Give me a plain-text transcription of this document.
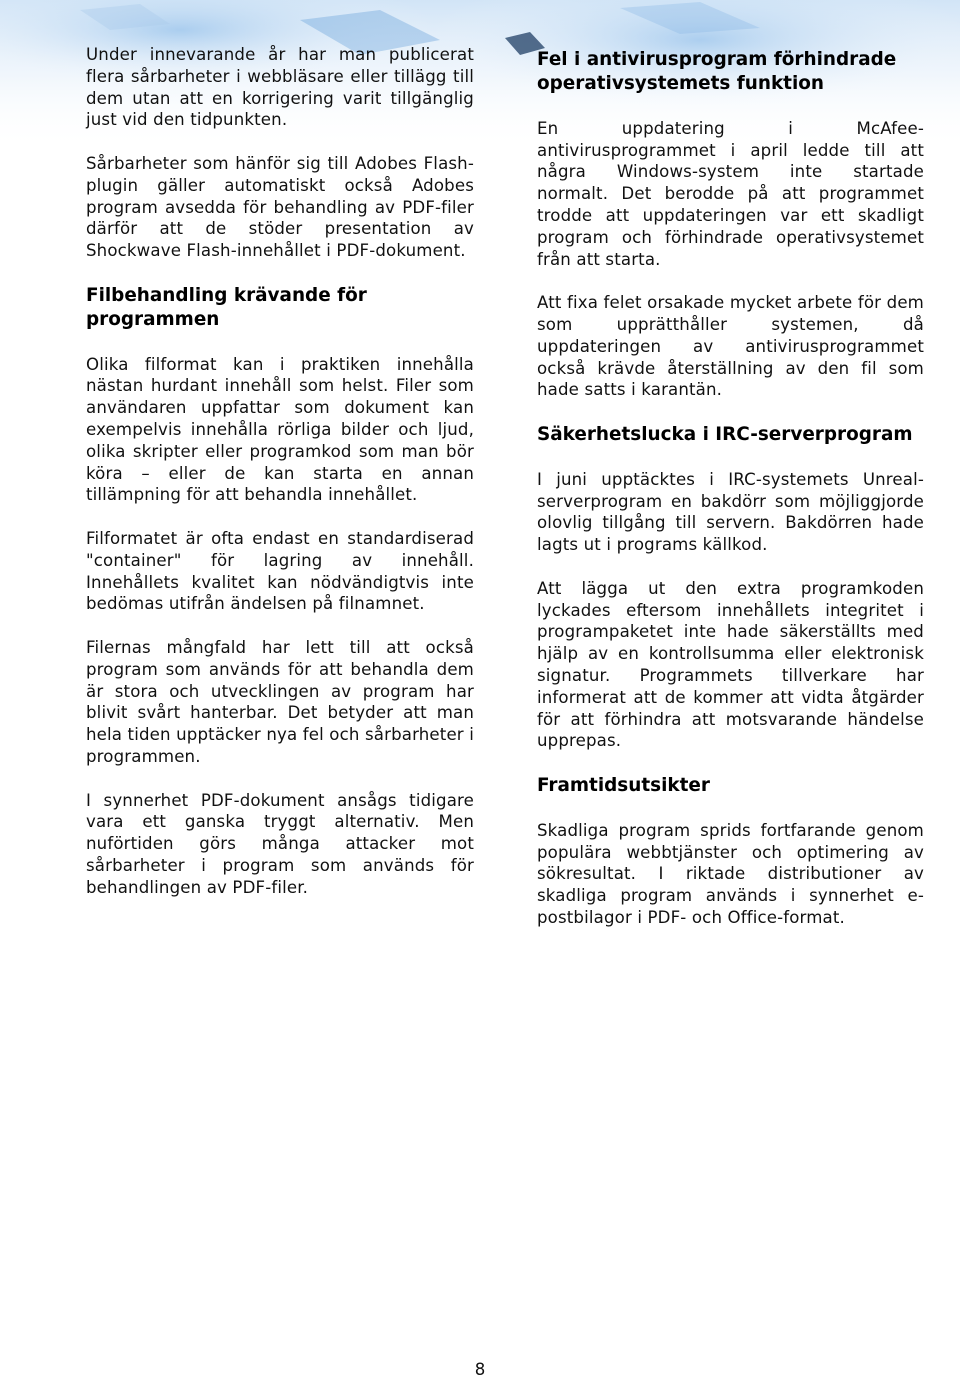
Under innevarande år har man publicerat flera sårbarheter i webbläsare eller tillägg till dem utan att en korrigering varit tillgänglig just vid den tidpunkten.

Sårbarheter som hänför sig till Adobes Flash-plugin gäller automatiskt också Adobes program avsedda för behandling av PDF-filer därför att de stöder presentation av Shockwave Flash-innehållet i PDF-dokument.

Filbehandling krävande för programmen

Olika filformat kan i praktiken innehålla nästan hurdant innehåll som helst. Filer som användaren uppfattar som dokument kan exempelvis innehålla rörliga bilder och ljud, olika skripter eller programkod som man bör köra – eller de kan starta en annan tillämpning för att behandla innehållet.

Filformatet är ofta endast en standardiserad "container" för lagring av innehåll. Innehållets kvalitet kan nödvändigtvis inte bedömas utifrån ändelsen på filnamnet.

Filernas mångfald har lett till att också program som används för att behandla dem är stora och utvecklingen av program har blivit svårt hanterbar. Det betyder att man hela tiden upptäcker nya fel och sårbarheter i programmen.

I synnerhet PDF-dokument ansågs tidigare vara ett ganska tryggt alternativ. Men nuförtiden görs många attacker mot sårbarheter i program som används för behandlingen av PDF-filer.

Fel i antivirusprogram förhindrade operativsystemets funktion

En uppdatering i McAfee-antivirusprogrammet i april ledde till att några Windows-system inte startade normalt. Det berodde på att programmet trodde att uppdateringen var ett skadligt program och förhindrade operativsystemet från att starta.

Att fixa felet orsakade mycket arbete för dem som upprätthåller systemen, då uppdateringen av antivirusprogrammet också krävde återställning av den fil som hade satts i karantän.

Säkerhetslucka i IRC-serverprogram

I juni upptäcktes i IRC-systemets Unreal-serverprogram en bakdörr som möjliggjorde olovlig tillgång till servern. Bakdörren hade lagts ut i programs källkod.

Att lägga ut den extra programkoden lyckades eftersom innehållets integritet i programpaketet inte hade säkerställts med hjälp av en kontrollsumma eller elektronisk signatur. Programmets tillverkare har informerat att de kommer att vidta åtgärder för att förhindra att motsvarande händelse upprepas.

Framtidsutsikter

Skadliga program sprids fortfarande genom populära webbtjänster och optimering av sökresultat. I riktade distributioner av skadliga program används i synnerhet e-postbilagor i PDF- och Office-format.

8
